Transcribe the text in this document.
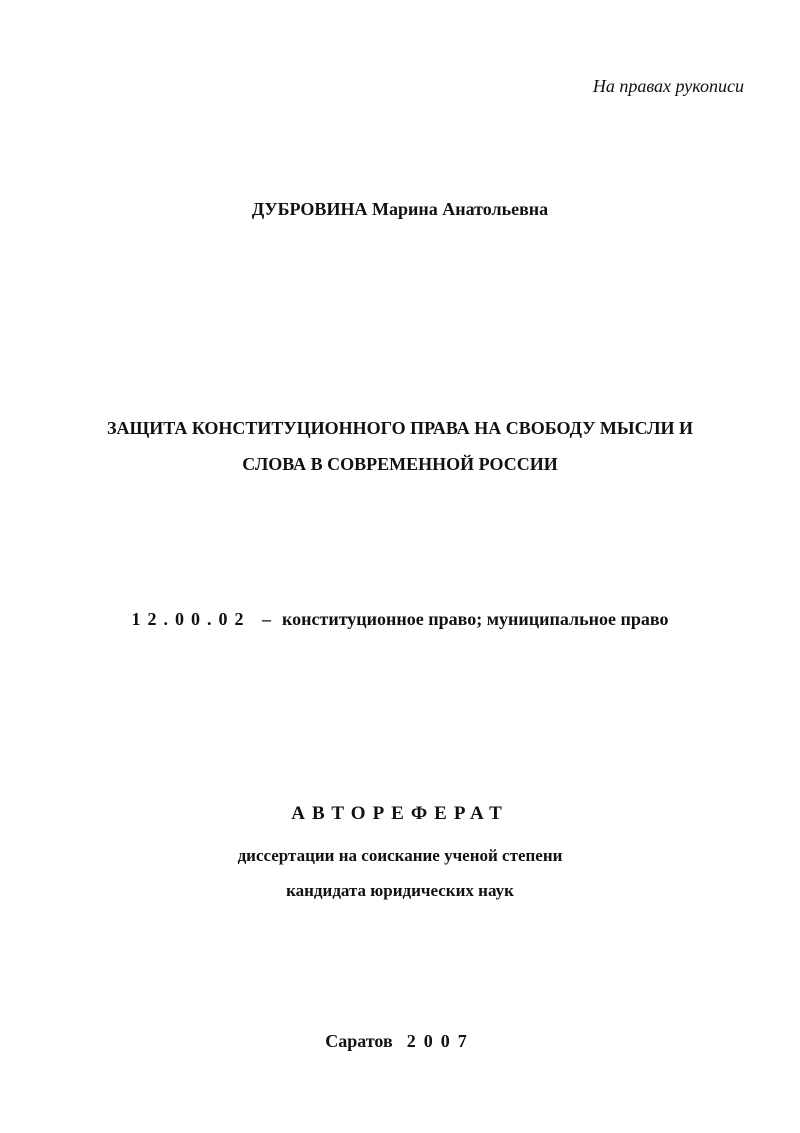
На правах рукописи
ДУБРОВИНА Марина Анатольевна
ЗАЩИТА КОНСТИТУЦИОННОГО ПРАВА НА СВОБОДУ МЫСЛИ И
СЛОВА В СОВРЕМЕННОЙ РОССИИ
12.00.02 – конституционное право; муниципальное право
АВТОРЕФЕРАТ
диссертации на соискание ученой степени
кандидата юридических наук
Саратов 2007
